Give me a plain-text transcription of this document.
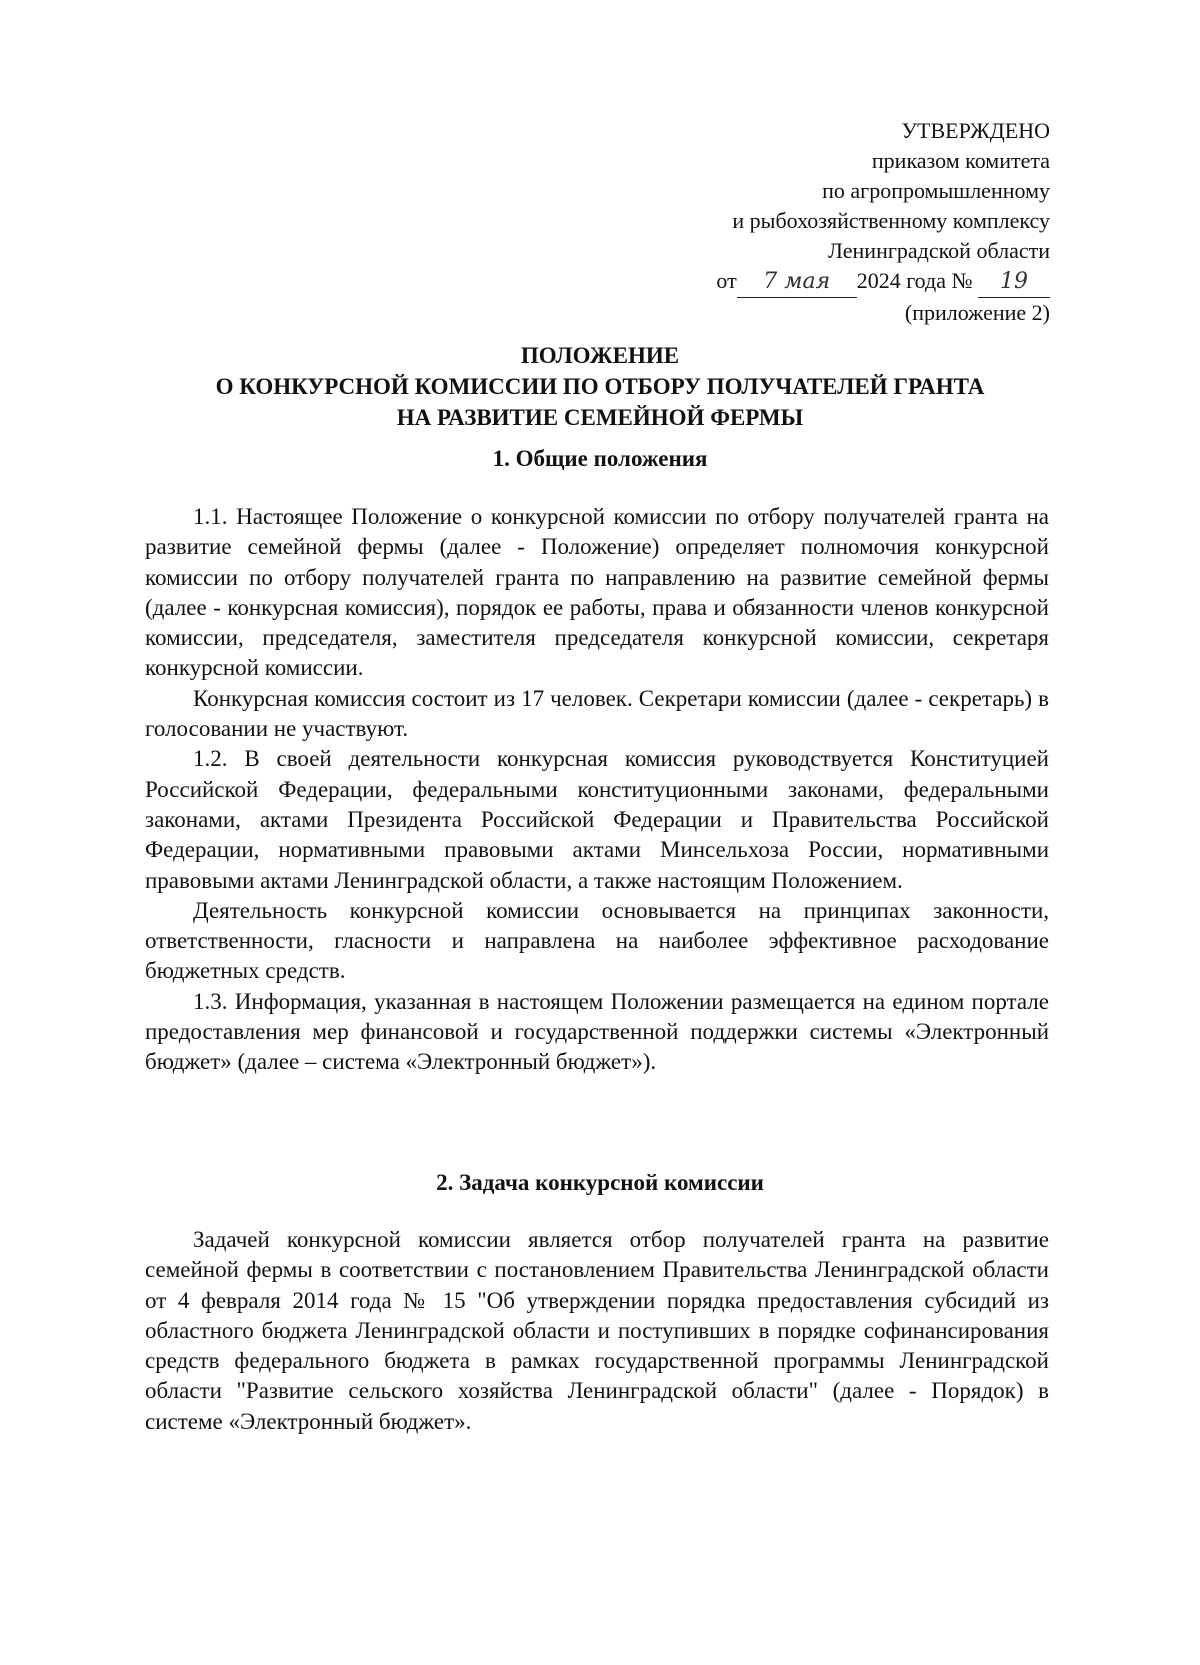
УТВЕРЖДЕНО
приказом комитета
по агропромышленному
и рыбохозяйственному комплексу
Ленинградской области
от 7 мая 2024 года № 19
(приложение 2)
ПОЛОЖЕНИЕ
О КОНКУРСНОЙ КОМИССИИ ПО ОТБОРУ ПОЛУЧАТЕЛЕЙ ГРАНТА
НА РАЗВИТИЕ СЕМЕЙНОЙ ФЕРМЫ
1. Общие положения

1.1. Настоящее Положение о конкурсной комиссии по отбору получателей гранта на развитие семейной фермы (далее - Положение) определяет полномочия конкурсной комиссии по отбору получателей гранта по направлению на развитие семейной фермы (далее - конкурсная комиссия), порядок ее работы, права и обязанности членов конкурсной комиссии, председателя, заместителя председателя конкурсной комиссии, секретаря конкурсной комиссии.

Конкурсная комиссия состоит из 17 человек. Секретари комиссии (далее - секретарь) в голосовании не участвуют.

1.2. В своей деятельности конкурсная комиссия руководствуется Конституцией Российской Федерации, федеральными конституционными законами, федеральными законами, актами Президента Российской Федерации и Правительства Российской Федерации, нормативными правовыми актами Минсельхоза России, нормативными правовыми актами Ленинградской области, а также настоящим Положением.

Деятельность конкурсной комиссии основывается на принципах законности, ответственности, гласности и направлена на наиболее эффективное расходование бюджетных средств.

1.3. Информация, указанная в настоящем Положении размещается на едином портале предоставления мер финансовой и государственной поддержки системы «Электронный бюджет» (далее – система «Электронный бюджет»).

2. Задача конкурсной комиссии

Задачей конкурсной комиссии является отбор получателей гранта на развитие семейной фермы в соответствии с постановлением Правительства Ленинградской области от 4 февраля 2014 года № 15 "Об утверждении порядка предоставления субсидий из областного бюджета Ленинградской области и поступивших в порядке софинансирования средств федерального бюджета в рамках государственной программы Ленинградской области "Развитие сельского хозяйства Ленинградской области" (далее - Порядок) в системе «Электронный бюджет».
